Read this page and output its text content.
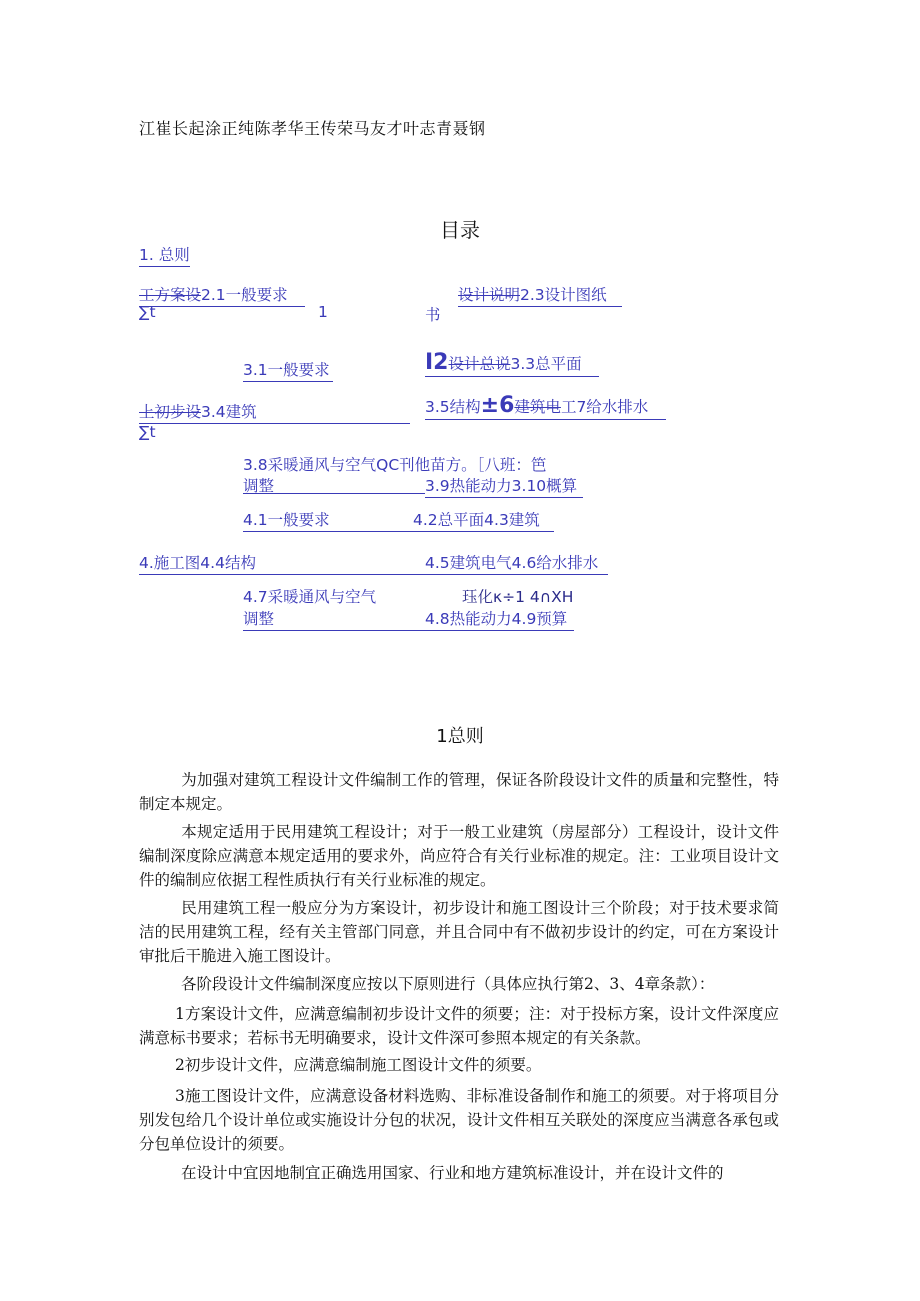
江崔长起涂正纯陈孝华王传荣马友才叶志青聂钢
目录
1. 总则
工方案设2.1一般要求	设计说明2.3设计图纸
∑t	1	书
3.1一般要求	I2设计总说3.3总平面
上初步设3.4建筑	3.5结构±6建筑电工7给水排水
∑t
3.8采暖通风与空气QC刊他苗方。［八班：笆
调整	3.9热能动力3.10概算
4.1一般要求	4.2总平面4.3建筑
4.施工图4.4结构	4.5建筑电气4.6给水排水
4.7采暖通风与空气	珏化κ÷1 4∩XH
调整	4.8热能动力4.9预算
1总则
为加强对建筑工程设计文件编制工作的管理，保证各阶段设计文件的质量和完整性，特制定本规定。
本规定适用于民用建筑工程设计；对于一般工业建筑（房屋部分）工程设计，设计文件编制深度除应满意本规定适用的要求外，尚应符合有关行业标准的规定。注：工业项目设计文件的编制应依据工程性质执行有关行业标准的规定。
民用建筑工程一般应分为方案设计，初步设计和施工图设计三个阶段；对于技术要求简洁的民用建筑工程，经有关主管部门同意，并且合同中有不做初步设计的约定，可在方案设计审批后干脆进入施工图设计。
各阶段设计文件编制深度应按以下原则进行（具体应执行第2、3、4章条款）：
1方案设计文件，应满意编制初步设计文件的须要；注：对于投标方案，设计文件深度应满意标书要求；若标书无明确要求，设计文件深可参照本规定的有关条款。
2初步设计文件，应满意编制施工图设计文件的须要。
3施工图设计文件，应满意设备材料选购、非标准设备制作和施工的须要。对于将项目分别发包给几个设计单位或实施设计分包的状况，设计文件相互关联处的深度应当满意各承包或分包单位设计的须要。
在设计中宜因地制宜正确选用国家、行业和地方建筑标准设计，并在设计文件的
